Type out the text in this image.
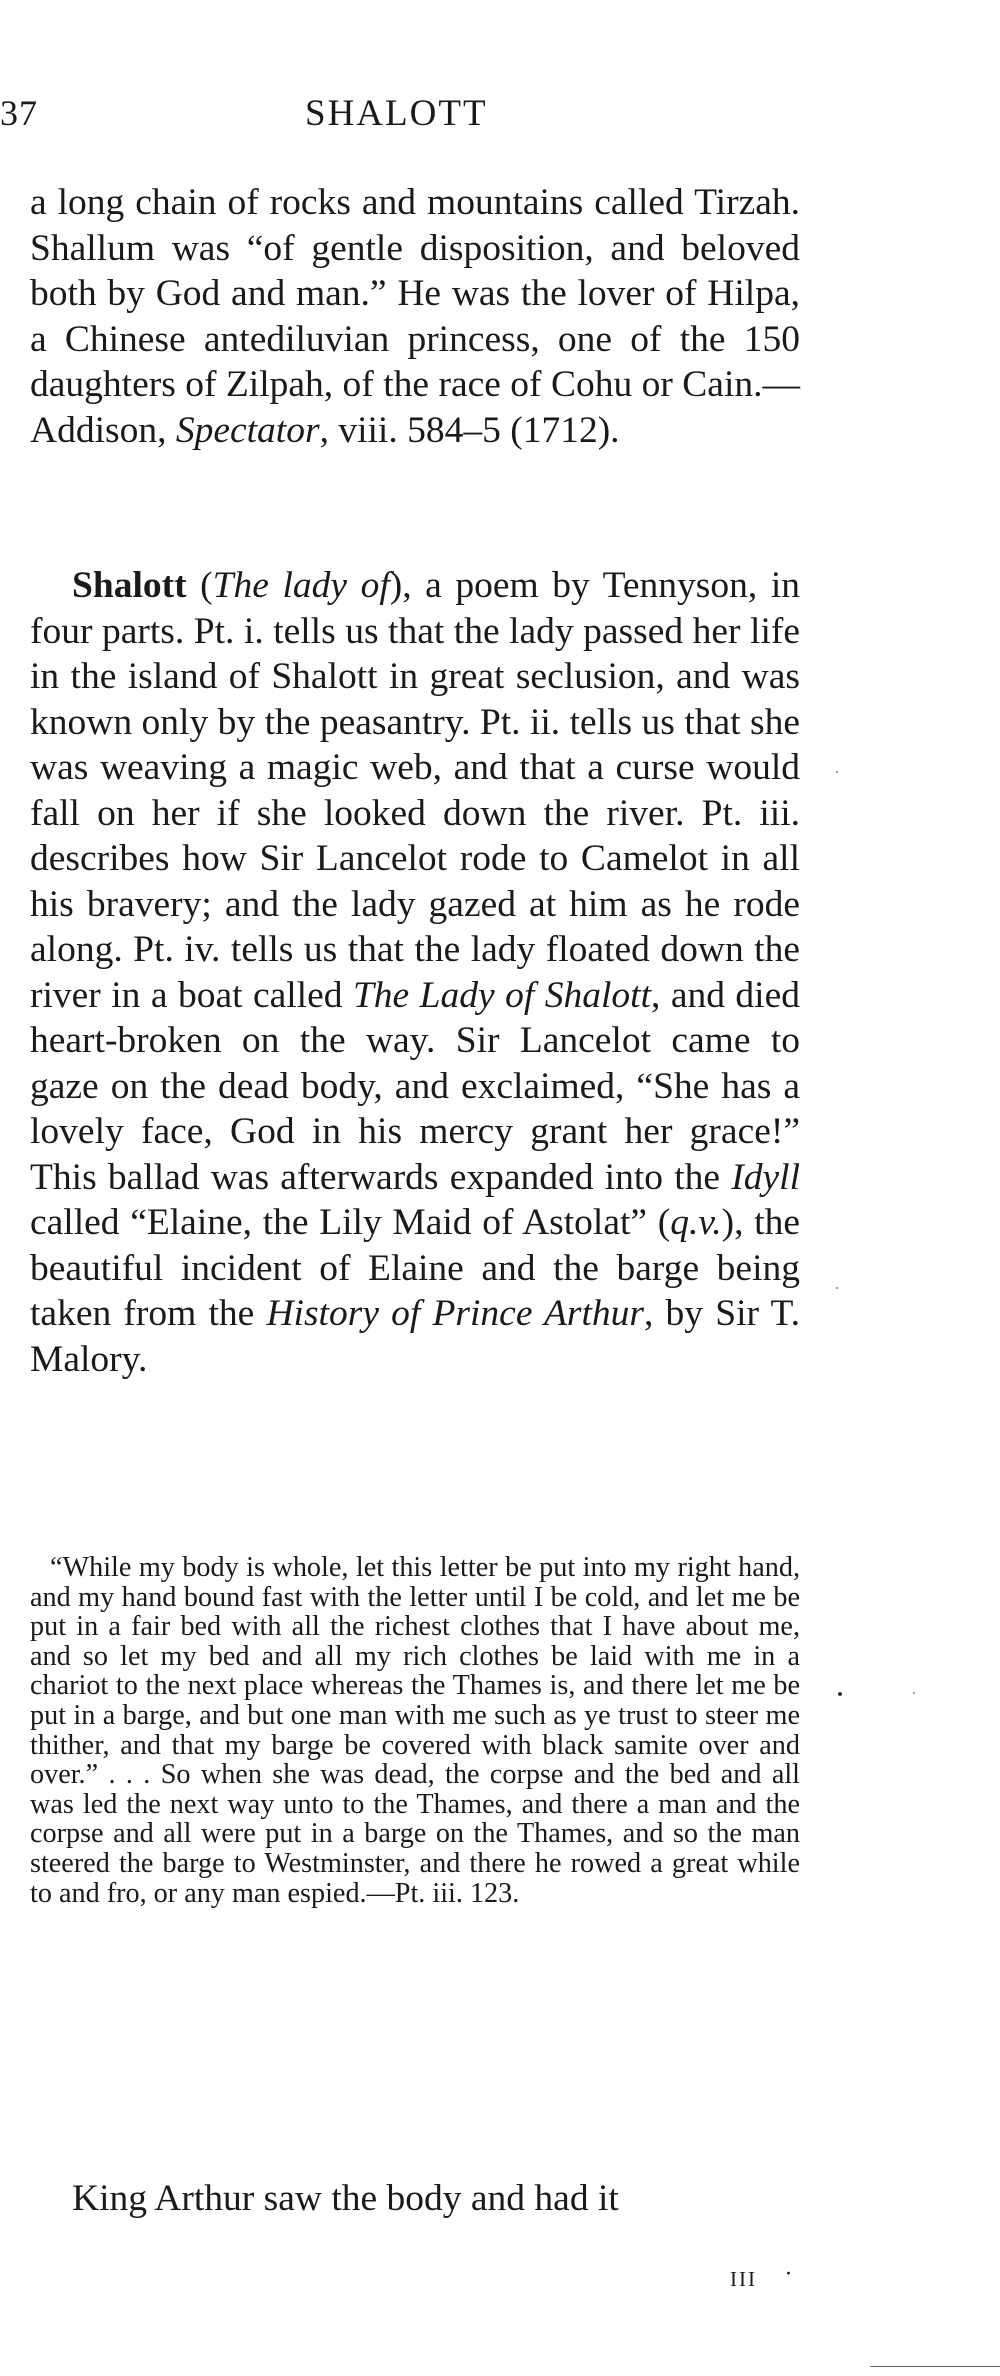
37	SHALOTT

a long chain of rocks and mountains called Tirzah. Shallum was “of gentle disposition, and beloved both by God and man.” He was the lover of Hilpa, a Chinese antediluvian princess, one of the 150 daughters of Zilpah, of the race of Cohu or Cain.—Addison, Spectator, viii. 584–5 (1712).

Shalott (The lady of), a poem by Tennyson, in four parts. Pt. i. tells us that the lady passed her life in the island of Shalott in great seclusion, and was known only by the peasantry. Pt. ii. tells us that she was weaving a magic web, and that a curse would fall on her if she looked down the river. Pt. iii. describes how Sir Lancelot rode to Camelot in all his bravery; and the lady gazed at him as he rode along. Pt. iv. tells us that the lady floated down the river in a boat called The Lady of Shalott, and died heart-broken on the way. Sir Lancelot came to gaze on the dead body, and exclaimed, “She has a lovely face, God in his mercy grant her grace!” This ballad was afterwards expanded into the Idyll called “Elaine, the Lily Maid of Astolat” (q.v.), the beautiful incident of Elaine and the barge being taken from the History of Prince Arthur, by Sir T. Malory.

“While my body is whole, let this letter be put into my right hand, and my hand bound fast with the letter until I be cold, and let me be put in a fair bed with all the richest clothes that I have about me, and so let my bed and all my rich clothes be laid with me in a chariot to the next place whereas the Thames is, and there let me be put in a barge, and but one man with me such as ye trust to steer me thither, and that my barge be covered with black samite over and over.” . . . So when she was dead, the corpse and the bed and all was led the next way unto to the Thames, and there a man and the corpse and all were put in a barge on the Thames, and so the man steered the barge to Westminster, and there he rowed a great while to and fro, or any man espied.—Pt. iii. 123.

King Arthur saw the body and had it

III ·
